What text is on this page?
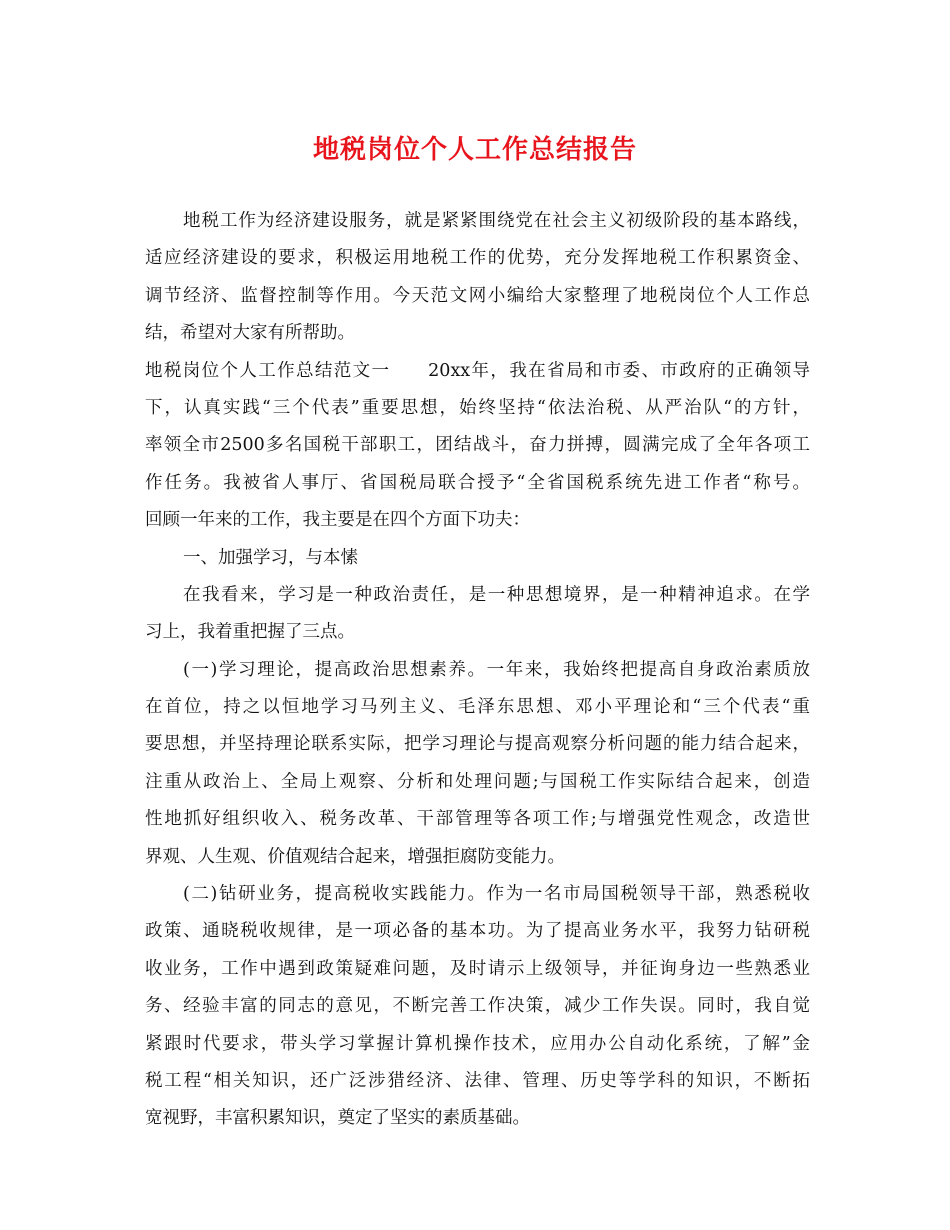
地税岗位个人工作总结报告
地税工作为经济建设服务，就是紧紧围绕党在社会主义初级阶段的基本路线，
适应经济建设的要求，积极运用地税工作的优势，充分发挥地税工作积累资金、
调节经济、监督控制等作用。今天范文网小编给大家整理了地税岗位个人工作总
结，希望对大家有所帮助。
地税岗位个人工作总结范文一　　20xx年，我在省局和市委、市政府的正确领导
下，认真实践“三个代表”重要思想，始终坚持“依法治税、从严治队“的方针，
率领全市2500多名国税干部职工，团结战斗，奋力拼搏，圆满完成了全年各项工
作任务。我被省人事厅、省国税局联合授予“全省国税系统先进工作者“称号。
回顾一年来的工作，我主要是在四个方面下功夫：
一、加强学习，与本愫
在我看来，学习是一种政治责任，是一种思想境界，是一种精神追求。在学
习上，我着重把握了三点。
(一)学习理论，提高政治思想素养。一年来，我始终把提高自身政治素质放
在首位，持之以恒地学习马列主义、毛泽东思想、邓小平理论和“三个代表“重
要思想，并坚持理论联系实际，把学习理论与提高观察分析问题的能力结合起来，
注重从政治上、全局上观察、分析和处理问题;与国税工作实际结合起来，创造
性地抓好组织收入、税务改革、干部管理等各项工作;与增强党性观念，改造世
界观、人生观、价值观结合起来，增强拒腐防变能力。
(二)钻研业务，提高税收实践能力。作为一名市局国税领导干部，熟悉税收
政策、通晓税收规律，是一项必备的基本功。为了提高业务水平，我努力钻研税
收业务，工作中遇到政策疑难问题，及时请示上级领导，并征询身边一些熟悉业
务、经验丰富的同志的意见，不断完善工作决策，减少工作失误。同时，我自觉
紧跟时代要求，带头学习掌握计算机操作技术，应用办公自动化系统，了解”金
税工程“相关知识，还广泛涉猎经济、法律、管理、历史等学科的知识，不断拓
宽视野，丰富积累知识，奠定了坚实的素质基础。
